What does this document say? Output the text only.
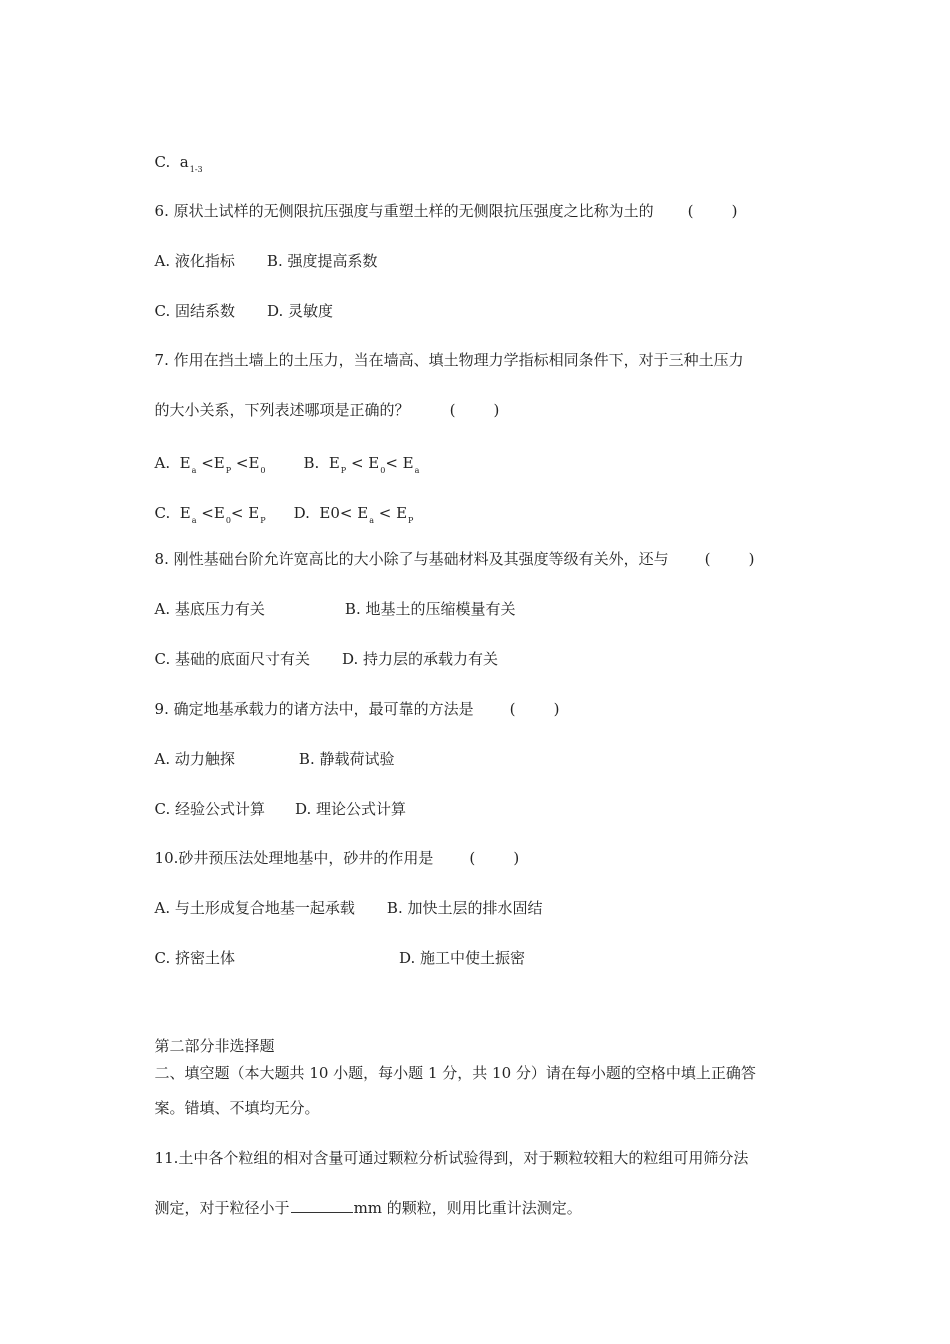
C.  $a_{1-3}$

6. 原状土试样的无侧限抗压强度与重塑土样的无侧限抗压强度之比称为土的 (        )

A. 液化指标 B. 强度提高系数

C. 固结系数 D. 灵敏度

7. 作用在挡土墙上的土压力，当在墙高、填土物理力学指标相同条件下，对于三种土压力

的大小关系，下列表述哪项是正确的？	(        )

A.  $E_a <E_P <E_0$	B.  $E_P < E_0< E_a$

C.  $E_a <E_0< E_P$ D.  $E0< E_a < E_P$

8. 刚性基础台阶允许宽高比的大小除了与基础材料及其强度等级有关外，还与 (        )

A. 基底压力有关	B. 地基土的压缩模量有关

C. 基础的底面尺寸有关 D. 持力层的承载力有关

9. 确定地基承载力的诸方法中，最可靠的方法是 (        )

A. 动力触探	B. 静载荷试验

C. 经验公式计算 D. 理论公式计算

10.砂井预压法处理地基中，砂井的作用是 (        )

A. 与土形成复合地基一起承载 B. 加快土层的排水固结

C. 挤密土体	D. 施工中使土振密

第二部分非选择题

二、填空题（本大题共 10 小题，每小题 1 分，共 10 分）请在每小题的空格中填上正确答

案。错填、不填均无分。

11.土中各个粒组的相对含量可通过颗粒分析试验得到，对于颗粒较粗大的粒组可用筛分法

测定，对于粒径小于	mm 的颗粒，则用比重计法测定。
